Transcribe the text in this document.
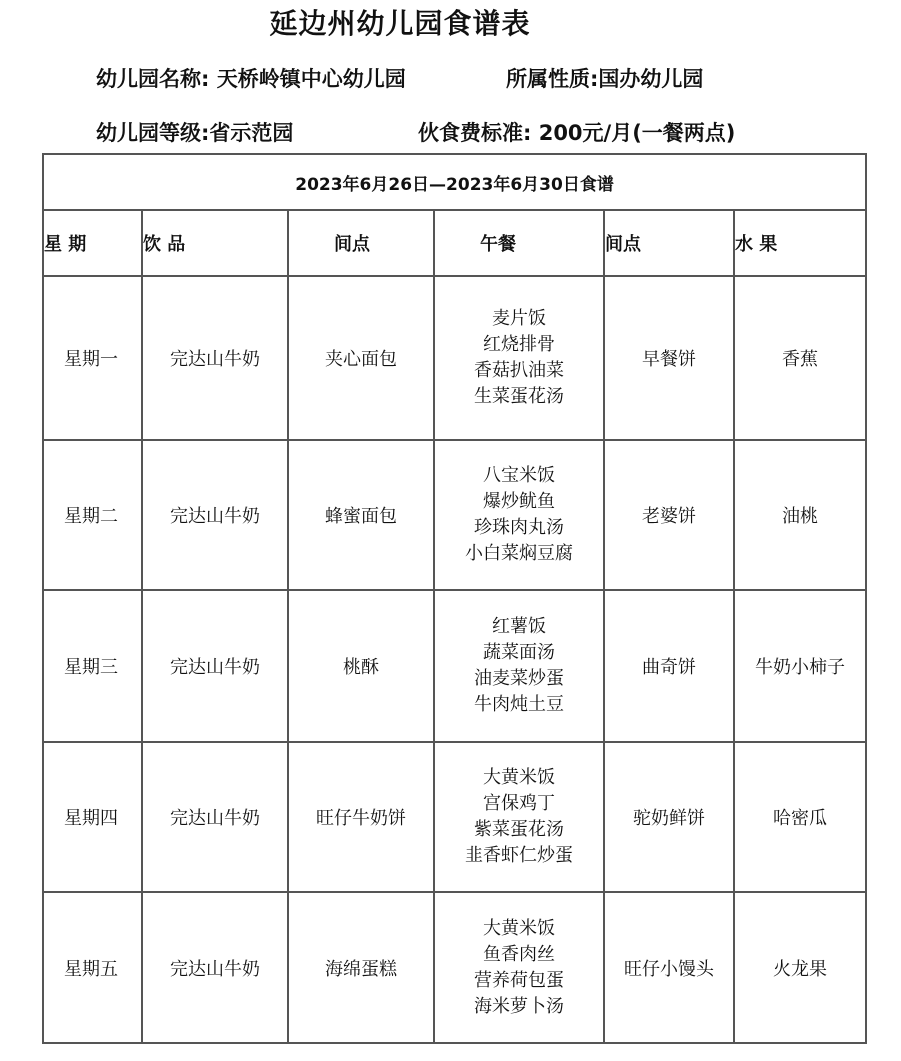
延边州幼儿园食谱表
幼儿园名称: 天桥岭镇中心幼儿园	所属性质:国办幼儿园
幼儿园等级:省示范园	伙食费标准: 200元/月(一餐两点)
2023年6月26日—2023年6月30日食谱					
星 期	饮 品	间点	午餐	间点	水 果
星期一	完达山牛奶	夹心面包	麦片饭
红烧排骨
香菇扒油菜
生菜蛋花汤	早餐饼	香蕉
星期二	完达山牛奶	蜂蜜面包	八宝米饭
爆炒鱿鱼
珍珠肉丸汤
小白菜焖豆腐	老婆饼	油桃
星期三	完达山牛奶	桃酥	红薯饭
蔬菜面汤
油麦菜炒蛋
牛肉炖土豆	曲奇饼	牛奶小柿子
星期四	完达山牛奶	旺仔牛奶饼	大黄米饭
宫保鸡丁
紫菜蛋花汤
韭香虾仁炒蛋	驼奶鲜饼	哈密瓜
星期五	完达山牛奶	海绵蛋糕	大黄米饭
鱼香肉丝
营养荷包蛋
海米萝卜汤	旺仔小馒头	火龙果
